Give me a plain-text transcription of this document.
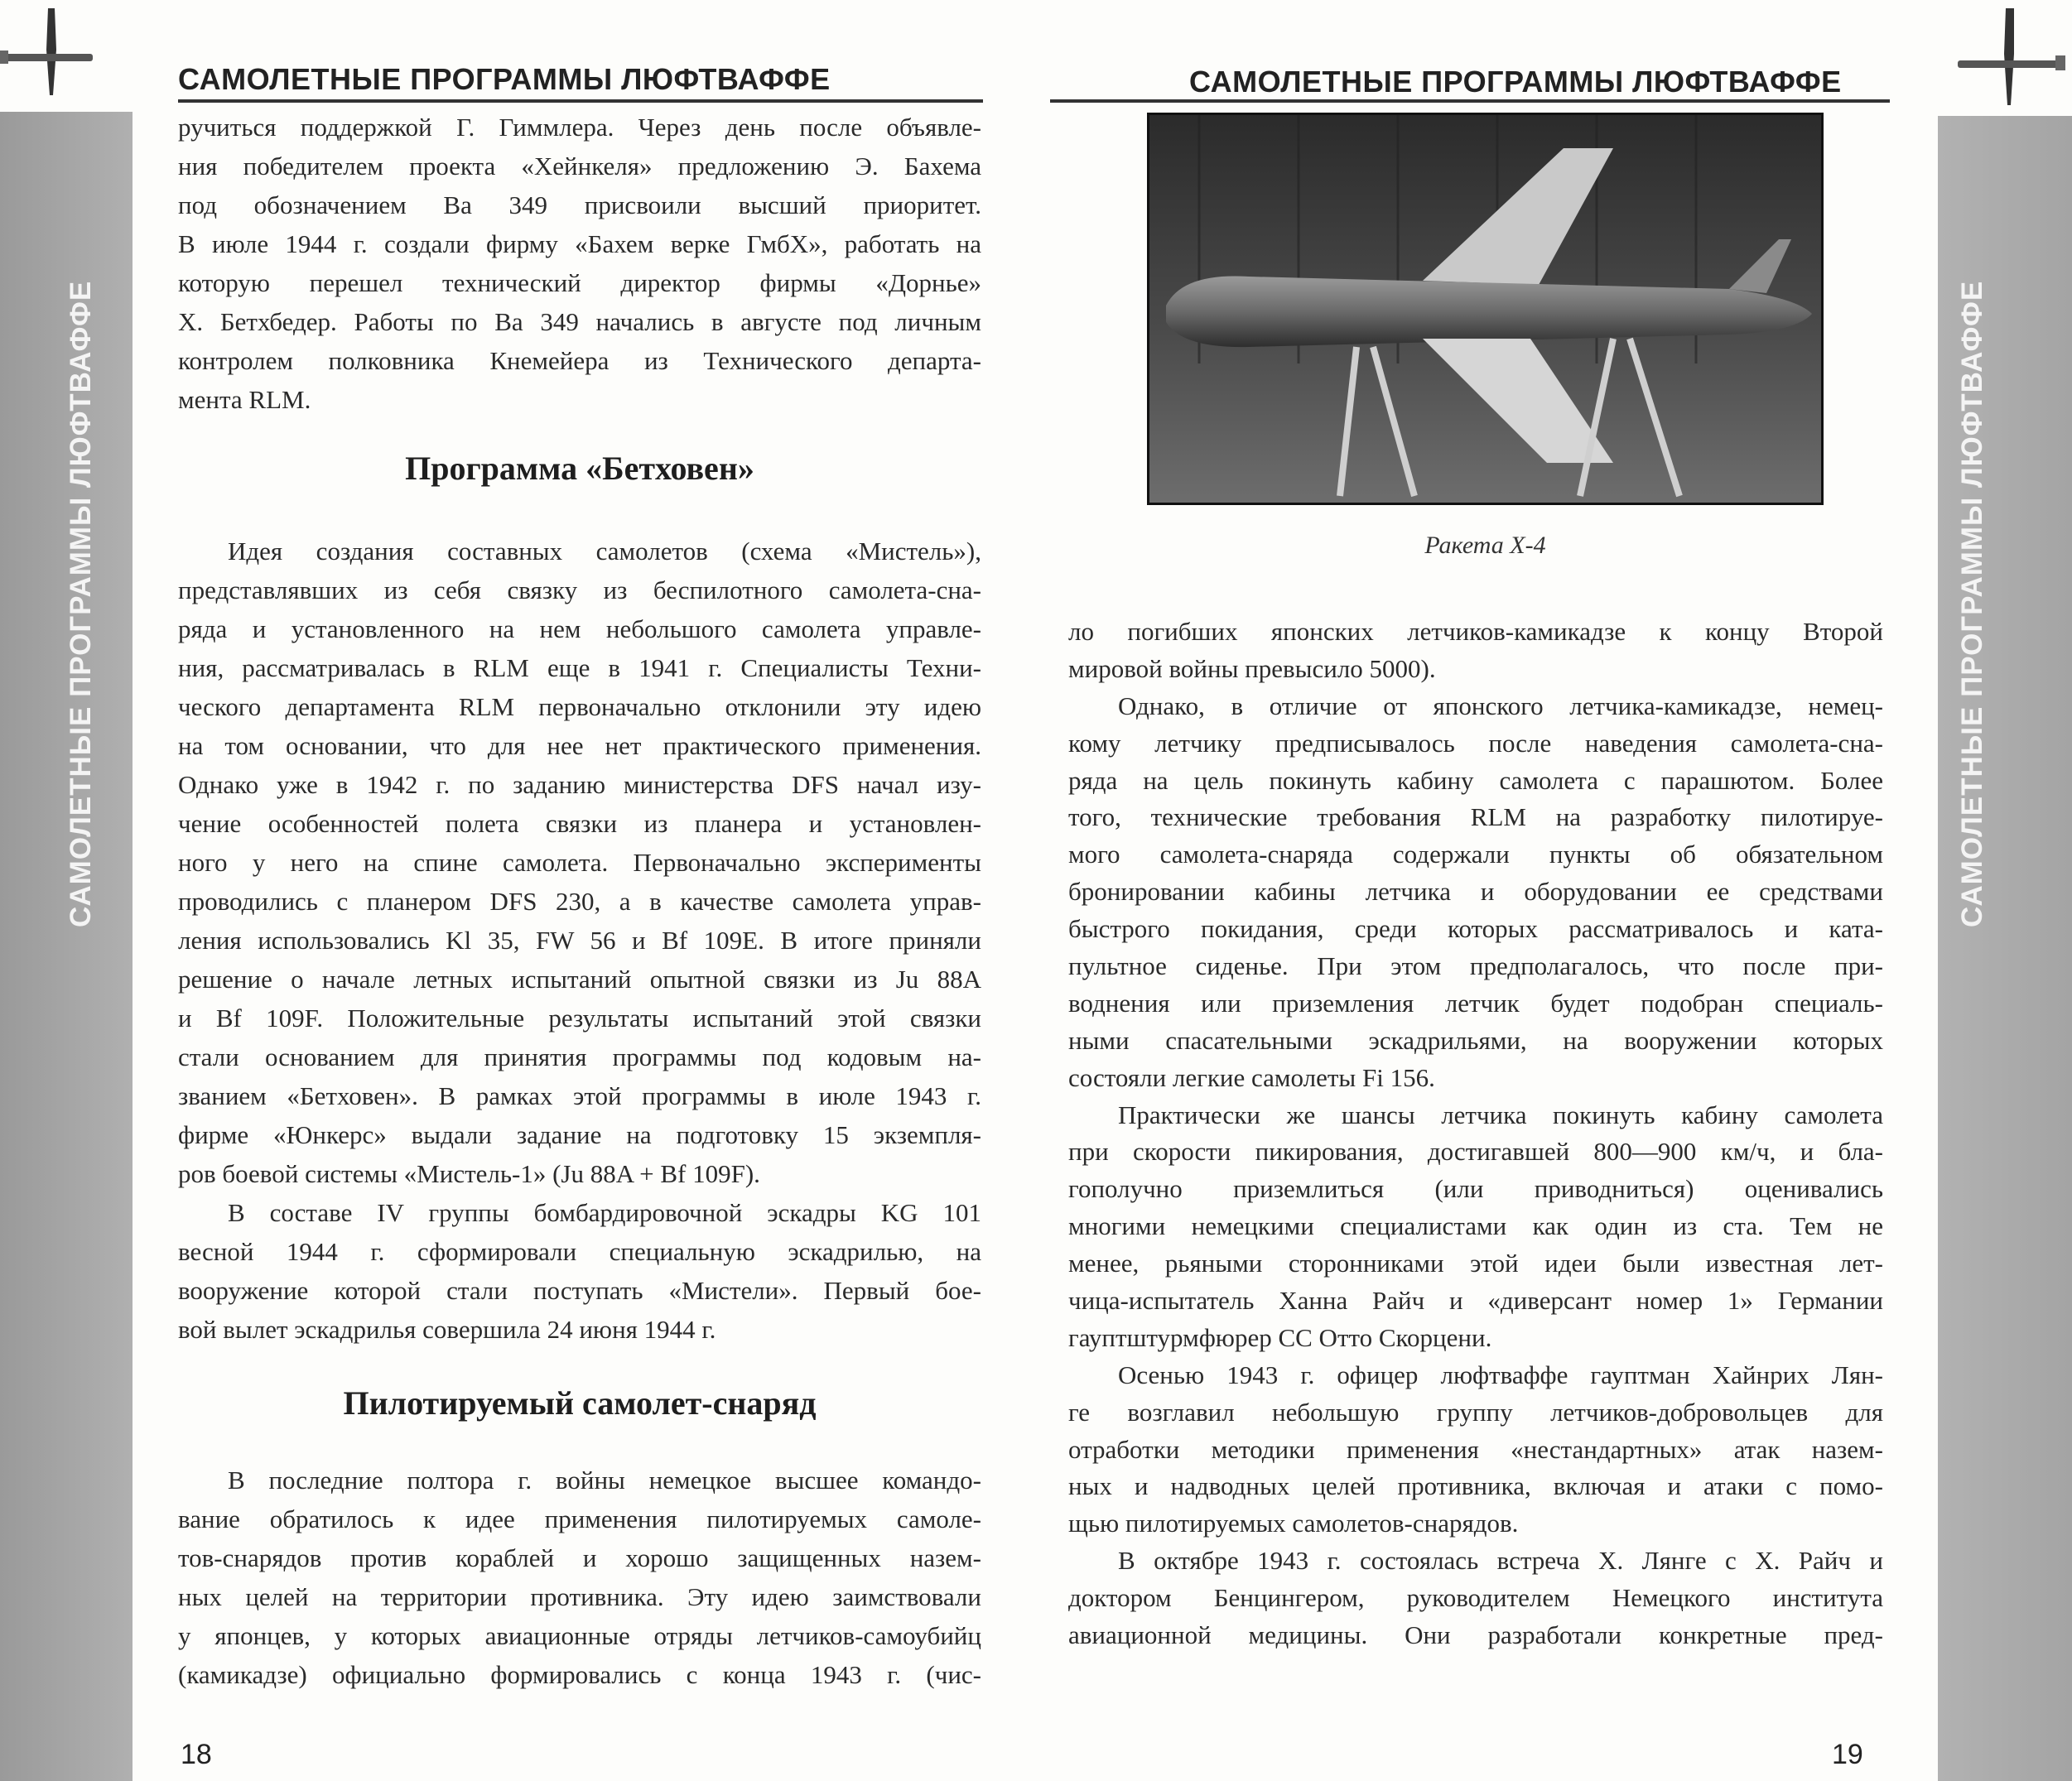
САМОЛЕТНЫЕ ПРОГРАММЫ ЛЮФТВАФФЕ
САМОЛЕТНЫЕ ПРОГРАММЫ ЛЮФТВАФФЕ
ручиться поддержкой Г. Гиммлера. Через день после объявле-
ния победителем проекта «Хейнкеля» предложению Э. Бахема
под обозначением Ba 349 присвоили высший приоритет.
В июле 1944 г. создали фирму «Бахем верке ГмбХ», работать на
которую перешел технический директор фирмы «Дорнье»
Х. Бетхбедер. Работы по Ba 349 начались в августе под личным
контролем полковника Кнемейера из Технического департа-
мента RLM.
Программа «Бетховен»
Идея создания составных самолетов (схема «Мистель»),
представлявших из себя связку из беспилотного самолета-сна-
ряда и установленного на нем небольшого самолета управле-
ния, рассматривалась в RLM еще в 1941 г. Специалисты Техни-
ческого департамента RLM первоначально отклонили эту идею
на том основании, что для нее нет практического применения.
Однако уже в 1942 г. по заданию министерства DFS начал изу-
чение особенностей полета связки из планера и установлен-
ного у него на спине самолета. Первоначально эксперименты
проводились с планером DFS 230, а в качестве самолета управ-
ления использовались Kl 35, FW 56 и Bf 109E. В итоге приняли
решение о начале летных испытаний опытной связки из Ju 88A
и Bf 109F. Положительные результаты испытаний этой связки
стали основанием для принятия программы под кодовым на-
званием «Бетховен». В рамках этой программы в июле 1943 г.
фирме «Юнкерс» выдали задание на подготовку 15 экземпля-
ров боевой системы «Мистель-1» (Ju 88A + Bf 109F).
В составе IV группы бомбардировочной эскадры KG 101
весной 1944 г. сформировали специальную эскадрилью, на
вооружение которой стали поступать «Мистели». Первый бое-
вой вылет эскадрилья совершила 24 июня 1944 г.
Пилотируемый самолет-снаряд
В последние полтора г. войны немецкое высшее командо-
вание обратилось к идее применения пилотируемых самоле-
тов-снарядов против кораблей и хорошо защищенных назем-
ных целей на территории противника. Эту идею заимствовали
у японцев, у которых авиационные отряды летчиков-самоубийц
(камикадзе) официально формировались с конца 1943 г. (чис-
18
САМОЛЕТНЫЕ ПРОГРАММЫ ЛЮФТВАФФЕ
Ракета X-4
ло погибших японских летчиков-камикадзе к концу Второй
мировой войны превысило 5000).
Однако, в отличие от японского летчика-камикадзе, немец-
кому летчику предписывалось после наведения самолета-сна-
ряда на цель покинуть кабину самолета с парашютом. Более
того, технические требования RLM на разработку пилотируе-
мого самолета-снаряда содержали пункты об обязательном
бронировании кабины летчика и оборудовании ее средствами
быстрого покидания, среди которых рассматривалось и ката-
пультное сиденье. При этом предполагалось, что после при-
воднения или приземления летчик будет подобран специаль-
ными спасательными эскадрильями, на вооружении которых
состояли легкие самолеты Fi 156.
Практически же шансы летчика покинуть кабину самолета
при скорости пикирования, достигавшей 800—900 км/ч, и бла-
гополучно приземлиться (или приводниться) оценивались
многими немецкими специалистами как один из ста. Тем не
менее, рьяными сторонниками этой идеи были известная лет-
чица-испытатель Ханна Райч и «диверсант номер 1» Германии
гауптштурмфюрер СС Отто Скорцени.
Осенью 1943 г. офицер люфтваффе гауптман Хайнрих Лян-
ге возглавил небольшую группу летчиков-добровольцев для
отработки методики применения «нестандартных» атак назем-
ных и надводных целей противника, включая и атаки с помо-
щью пилотируемых самолетов-снарядов.
В октябре 1943 г. состоялась встреча Х. Лянге с Х. Райч и
доктором Бенцингером, руководителем Немецкого института
авиационной медицины. Они разработали конкретные пред-
19
САМОЛЕТНЫЕ ПРОГРАММЫ ЛЮФТВАФФЕ
